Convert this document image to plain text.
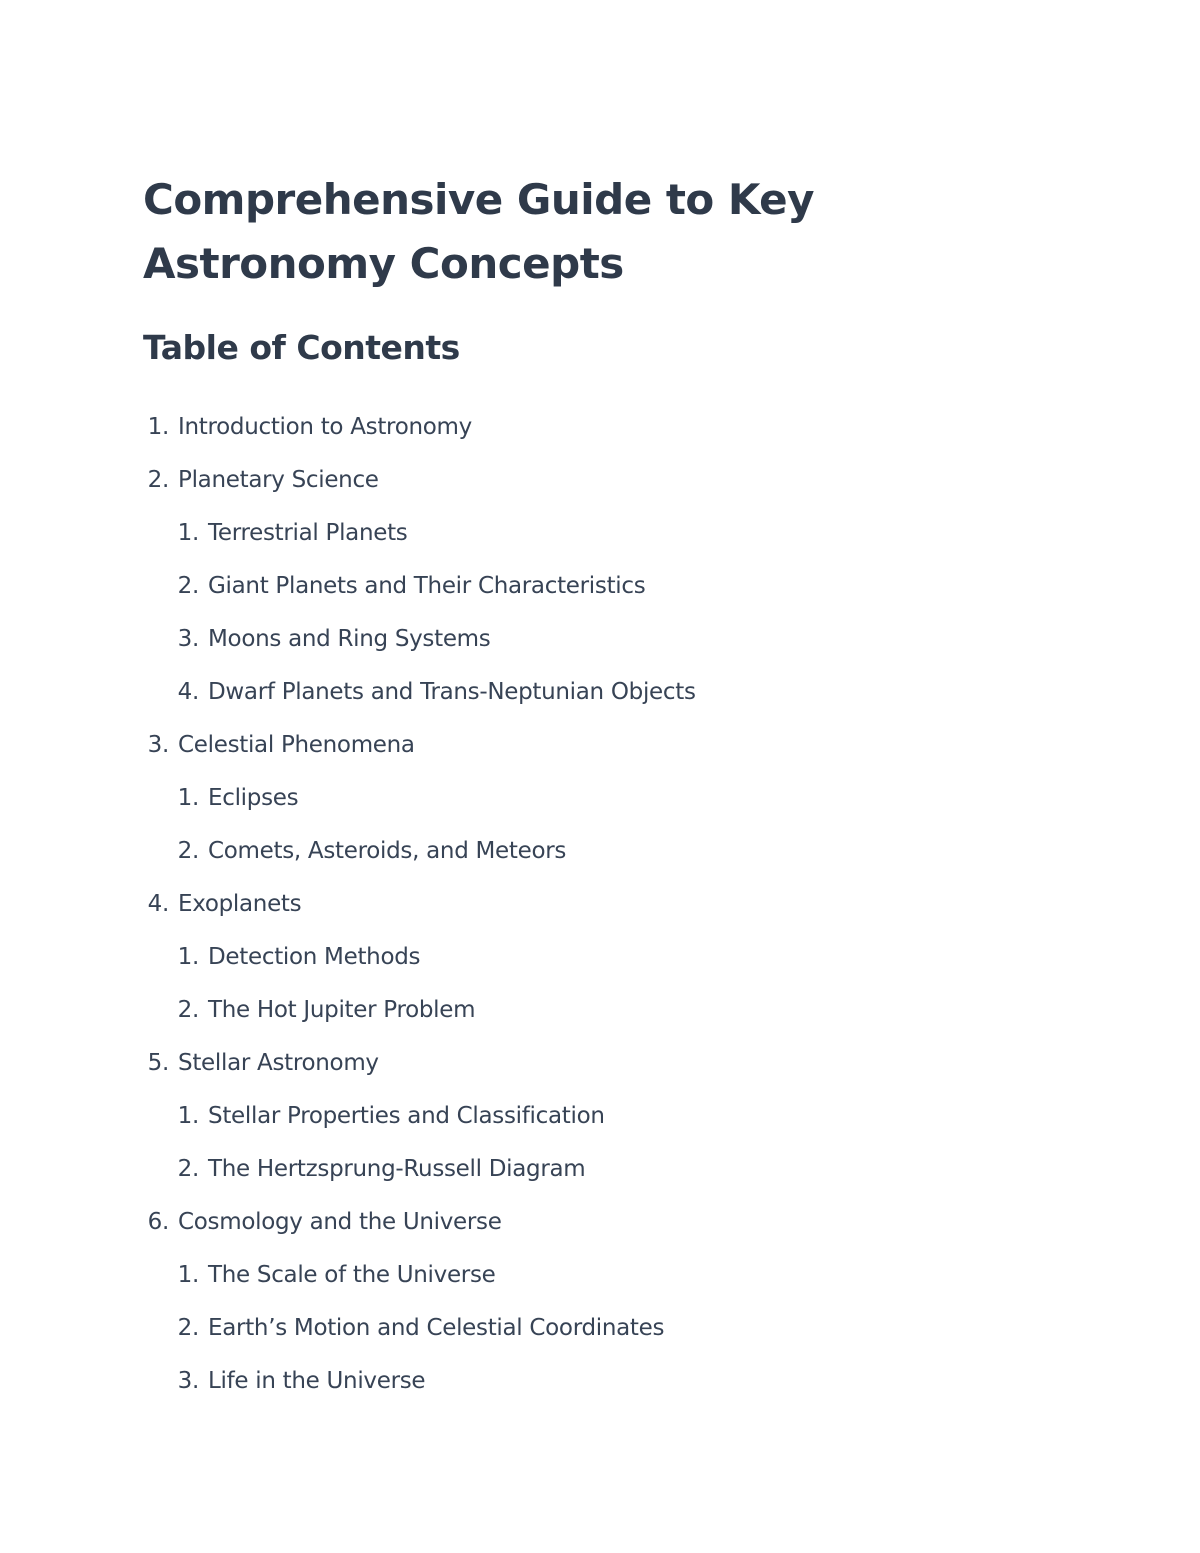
Comprehensive Guide to Key
Astronomy Concepts
Table of Contents
1. Introduction to Astronomy
2. Planetary Science
1. Terrestrial Planets
2. Giant Planets and Their Characteristics
3. Moons and Ring Systems
4. Dwarf Planets and Trans-Neptunian Objects
3. Celestial Phenomena
1. Eclipses
2. Comets, Asteroids, and Meteors
4. Exoplanets
1. Detection Methods
2. The Hot Jupiter Problem
5. Stellar Astronomy
1. Stellar Properties and Classification
2. The Hertzsprung-Russell Diagram
6. Cosmology and the Universe
1. The Scale of the Universe
2. Earth’s Motion and Celestial Coordinates
3. Life in the Universe
